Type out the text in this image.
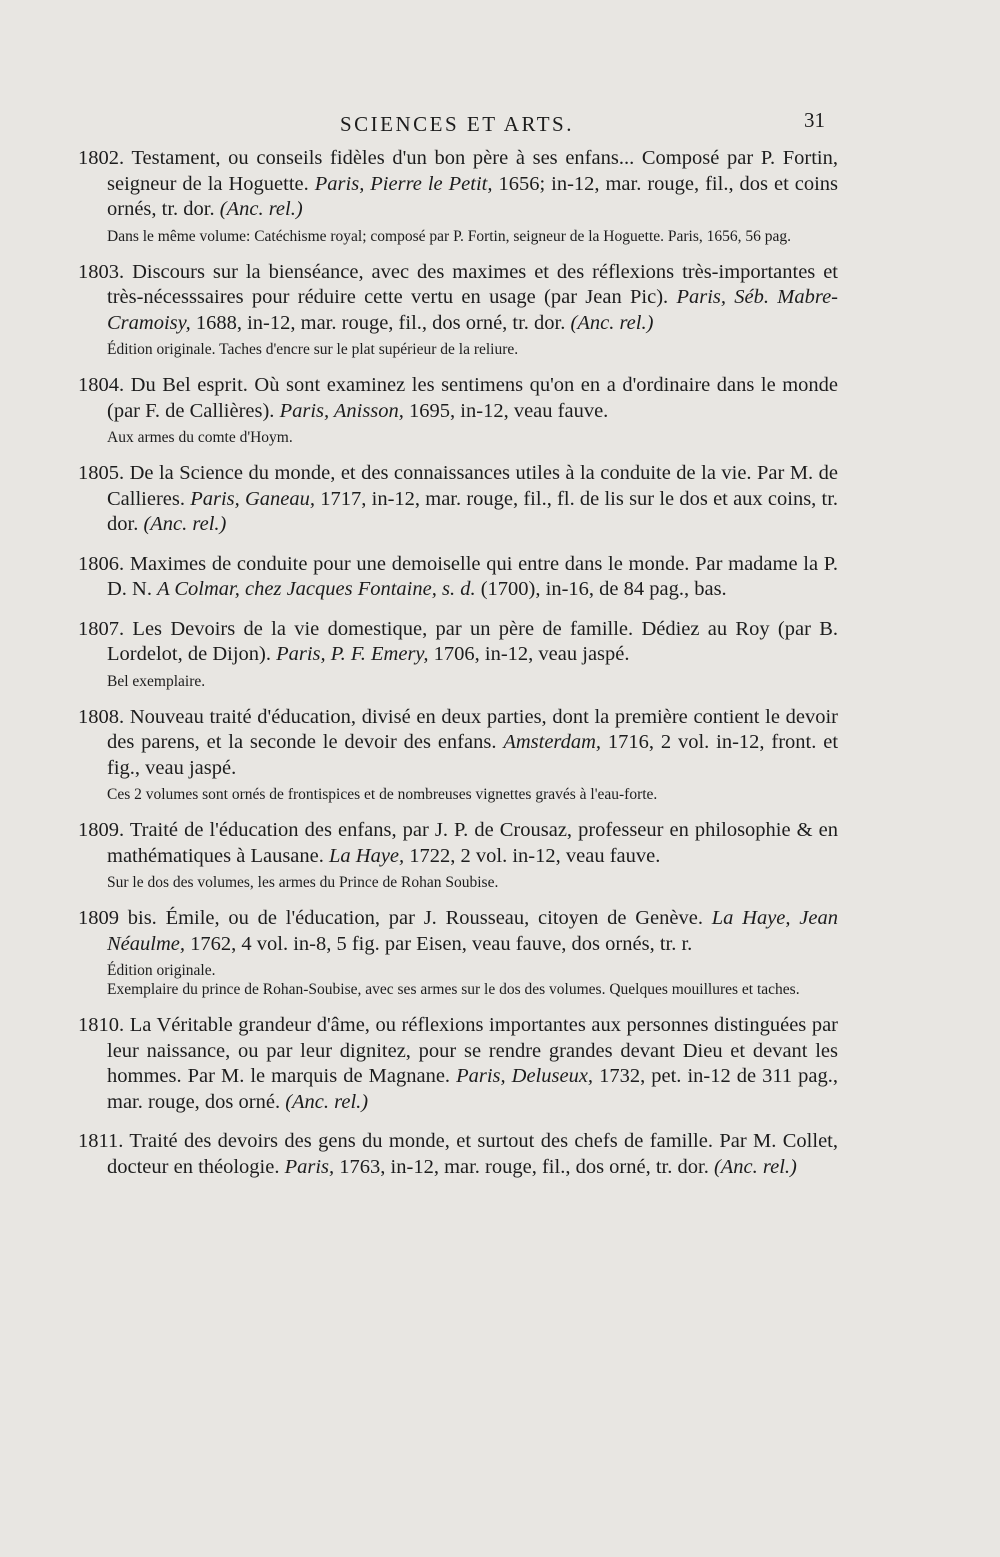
SCIENCES ET ARTS.	31

1802. Testament, ou conseils fidèles d'un bon père à ses enfans... Composé par P. Fortin, seigneur de la Hoguette. Paris, Pierre le Petit, 1656; in-12, mar. rouge, fil., dos et coins ornés, tr. dor. (Anc. rel.)

Dans le même volume: Catéchisme royal; composé par P. Fortin, seigneur de la Hoguette. Paris, 1656, 56 pag.

1803. Discours sur la bienséance, avec des maximes et des réflexions très-importantes et très-nécesssaires pour réduire cette vertu en usage (par Jean Pic). Paris, Séb. Mabre-Cramoisy, 1688, in-12, mar. rouge, fil., dos orné, tr. dor. (Anc. rel.)

Édition originale. Taches d'encre sur le plat supérieur de la reliure.

1804. Du Bel esprit. Où sont examinez les sentimens qu'on en a d'ordinaire dans le monde (par F. de Callières). Paris, Anisson, 1695, in-12, veau fauve.

Aux armes du comte d'Hoym.

1805. De la Science du monde, et des connaissances utiles à la conduite de la vie. Par M. de Callieres. Paris, Ganeau, 1717, in-12, mar. rouge, fil., fl. de lis sur le dos et aux coins, tr. dor. (Anc. rel.)

1806. Maximes de conduite pour une demoiselle qui entre dans le monde. Par madame la P. D. N. A Colmar, chez Jacques Fontaine, s. d. (1700), in-16, de 84 pag., bas.

1807. Les Devoirs de la vie domestique, par un père de famille. Dédiez au Roy (par B. Lordelot, de Dijon). Paris, P. F. Emery, 1706, in-12, veau jaspé.

Bel exemplaire.

1808. Nouveau traité d'éducation, divisé en deux parties, dont la première contient le devoir des parens, et la seconde le devoir des enfans. Amsterdam, 1716, 2 vol. in-12, front. et fig., veau jaspé.

Ces 2 volumes sont ornés de frontispices et de nombreuses vignettes gravés à l'eau-forte.

1809. Traité de l'éducation des enfans, par J. P. de Crousaz, professeur en philosophie & en mathématiques à Lausane. La Haye, 1722, 2 vol. in-12, veau fauve.

Sur le dos des volumes, les armes du Prince de Rohan Soubise.

1809 bis. Émile, ou de l'éducation, par J. Rousseau, citoyen de Genève. La Haye, Jean Néaulme, 1762, 4 vol. in-8, 5 fig. par Eisen, veau fauve, dos ornés, tr. r.

Édition originale.
Exemplaire du prince de Rohan-Soubise, avec ses armes sur le dos des volumes. Quelques mouillures et taches.

1810. La Véritable grandeur d'âme, ou réflexions importantes aux personnes distinguées par leur naissance, ou par leur dignitez, pour se rendre grandes devant Dieu et devant les hommes. Par M. le marquis de Magnane. Paris, Deluseux, 1732, pet. in-12 de 311 pag., mar. rouge, dos orné. (Anc. rel.)

1811. Traité des devoirs des gens du monde, et surtout des chefs de famille. Par M. Collet, docteur en théologie. Paris, 1763, in-12, mar. rouge, fil., dos orné, tr. dor. (Anc. rel.)
